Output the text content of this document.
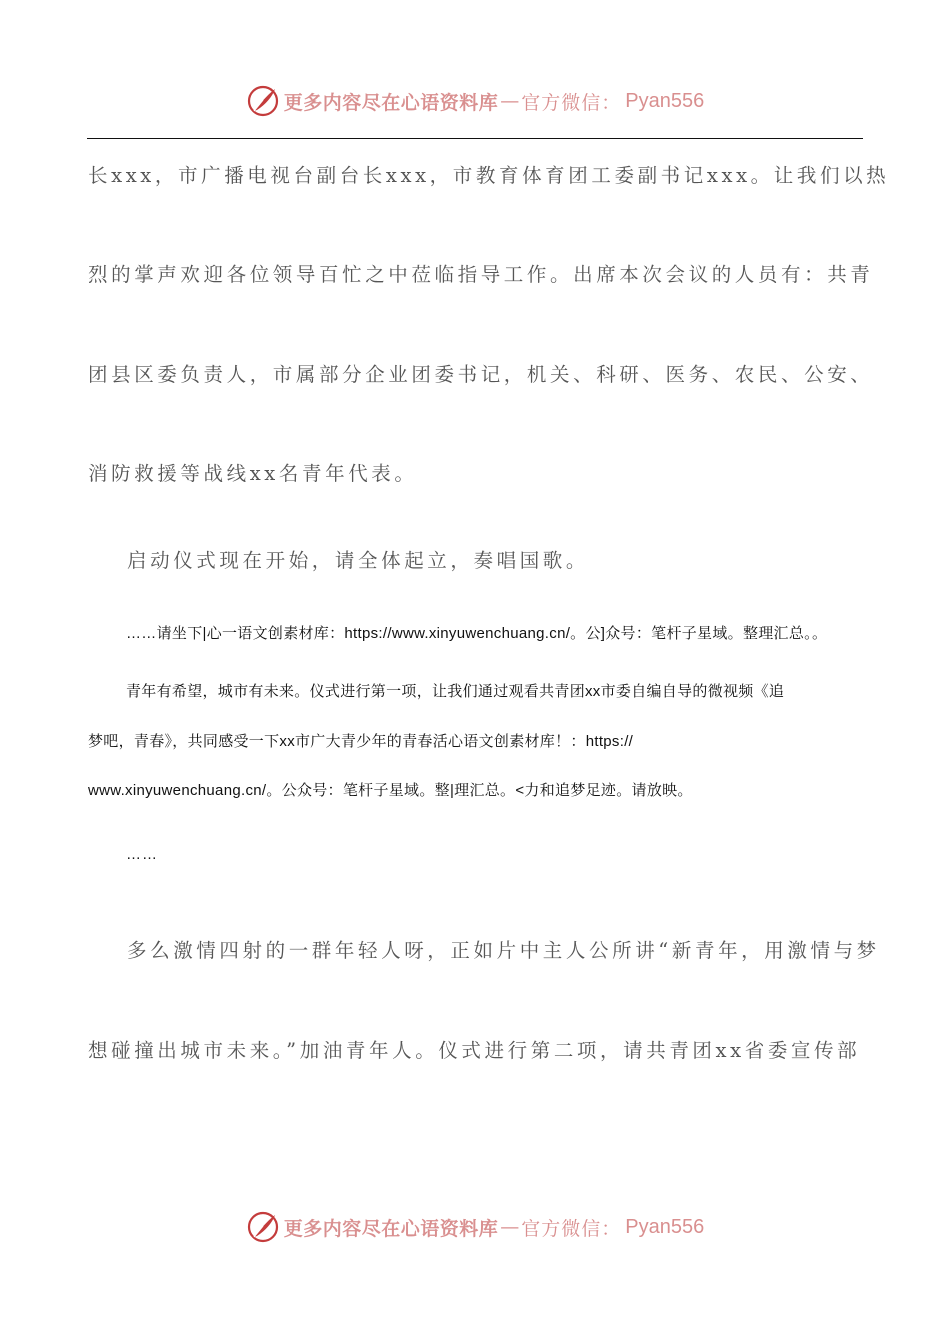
更多内容尽在心语资料库 — 官方微信： Pyan556
长xxx，市广播电视台副台长xxx，市教育体育团工委副书记xxx。让我们以热
烈的掌声欢迎各位领导百忙之中莅临指导工作。出席本次会议的人员有：共青
团县区委负责人，市属部分企业团委书记，机关、科研、医务、农民、公安、
消防救援等战线xx名青年代表。
启动仪式现在开始，请全体起立，奏唱国歌。
……请坐下|心一语文创素材库：https://www.xinyuwenchuang.cn/。公]众号：笔杆子星域。整理汇总。。
青年有希望，城市有未来。仪式进行第一项，让我们通过观看共青团xx市委自编自导的微视频《追
梦吧，青春》，共同感受一下xx市广大青少年的青春活心语文创素材库！：https://
www.xinyuwenchuang.cn/。公众号：笔杆子星域。整|理汇总。<力和追梦足迹。请放映。
……
多么激情四射的一群年轻人呀，正如片中主人公所讲“新青年，用激情与梦
想碰撞出城市未来。”加油青年人。仪式进行第二项，请共青团xx省委宣传部
更多内容尽在心语资料库 — 官方微信： Pyan556
